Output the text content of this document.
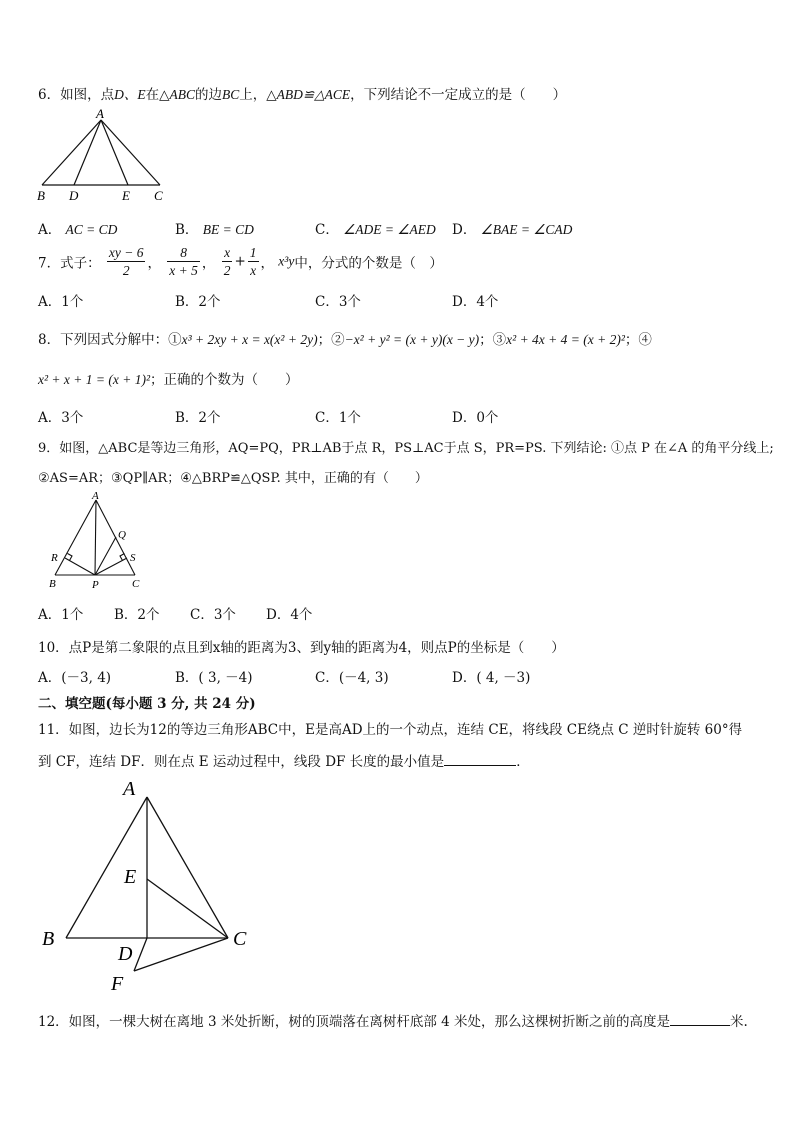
6．如图，点D、E在△ABC的边BC上，△ABD≌△ACE，下列结论不一定成立的是（　　）
A
B D	E C
A． AC = CD	B． BE = CD	C． ∠ADE = ∠AED D． ∠BAE = ∠CAD
7．式子： $\frac{xy - 6}{2}$ ， $\frac{8}{x + 5}$ ， $\frac{x}{2} + \frac{1}{x}$ ， x³y中，分式的个数是（　）
A．1个	B．2个	C．3个	D．4个
8．下列因式分解中：①x³ + 2xy + x = x(x² + 2y)；②−x² + y² = (x + y)(x − y)；③x² + 4x + 4 = (x + 2)²；④
x² + x + 1 = (x + 1)²；正确的个数为（　　）
A．3个	B．2个	C．1个	D．0个
9．如图，△ABC是等边三角形，AQ=PQ，PR⊥AB于点 R，PS⊥AC于点 S，PR=PS. 下列结论: ①点 P 在∠A 的角平分线上;
②AS=AR；③QP∥AR；④△BRP≌△QSP. 其中，正确的有（　　）
A
Q
R	S
B	P	C
A．1个 B．2个 C．3个 D．4个
10．点P是第二象限的点且到x轴的距离为3、到y轴的距离为4，则点P的坐标是（　　）
A．(－3, 4)	B．( 3, －4)	C．(－4, 3)	D．( 4, －3)
二、填空题(每小题 3 分, 共 24 分)
11．如图，边长为12的等边三角形ABC中，E是高AD上的一个动点，连结 CE，将线段 CE绕点 C 逆时针旋转 60°得
到 CF，连结 DF．则在点 E 运动过程中，线段 DF 长度的最小值是	．
A
E
B
D
C
F
12．如图，一棵大树在离地 3 米处折断，树的顶端落在离树杆底部 4 米处，那么这棵树折断之前的高度是	米.
